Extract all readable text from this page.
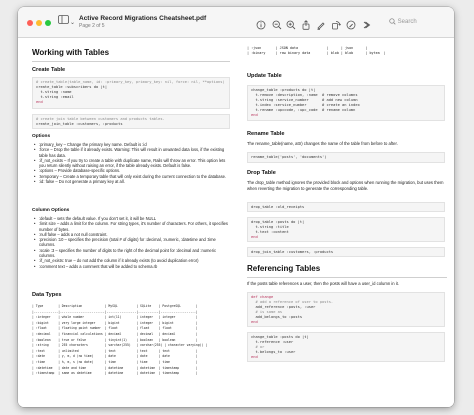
⌄
Active Record Migrations Cheatsheet.pdf
Page 2 of 5
Search
Working with Tables
Create Table
# create_table(table_name, id: :primary_key, primary_key: nil, force: nil, **options)
create_table :subscribers do |t|
t.string :name
t.string :email
end
# create join table between customers and products tables.
create_join_table :customers, :products
Options
• :primary_key – Change the primary key name. Default is :id
• :force – Drop the table if it already exists. Warning: This will result in unwanted data loss, if the existing table has data.
• :if_not_exists – If you try to create a table with duplicate name, Rails will throw an error. This option lets you return silently without raising an error, if the table already exists. Default is false.
• :options – Provide database-specific options.
• :temporary – Create a temporary table that will only exist during the current connection to the database.
• :id: false – Do not generate a primary key at all.
Column Options
• :default – sets the default value. If you don't set it, it will be NULL
• :limit size – adds a limit for the column. For string types, it's number of characters. For others, it specifies number of bytes.
• :null false – adds a not null constraint.
• :precision :10 – specifies the precision (total # of digits) for :decimal, :numeric, :datetime and :time columns.
• :scale :3 – specifies the number of digits to the right of the decimal point for :decimal and :numeric columns.
• :if_not_exists: true – do not add the column if it already exists (to avoid duplication error)
• :comment text – adds a comment that will be added to schema.rb
Data Types
| Type        | Description            | MySQL          | SQLite    | PostgreSQL        |
|-------------|------------------------|----------------|-----------|-------------------|
| :integer    | whole number           | int(11)        | integer   | integer           |
| :bigint     | very large integer     | bigint         | integer   | bigint            |
| :float      | floating point number  | float          | float     | float             |
| :decimal    | financial calculations | decimal        | decimal   | decimal           |
| :boolean    | true or false          | tinyint(1)     | boolean   | boolean           |
| :string     | 255 characters         | varchar(255)   | varchar(255) | character varying() |
| :text       | unlimited              | text           | text      | text              |
| :date       | y, m, d (no time)      | date           | date      | date              |
| :time       | h, m, s (no date)      | time           | time      | time              |
| :datetime   | date and time          | datetime       | datetime  | timestamp         |
| :timestamp  | same as datetime       | datetime       | datetime  | timestamp         |
| :json       | JSON data              |      | json      |
| :binary     | raw binary data        | blob | blob      | bytea  |
Update Table
change_table :products do |t|
t.remove :description, :name  # remove columns
t.string :service_number      # add new column
t.index :service_number       # create an index
t.rename :upccode, :upc_code  # rename column
end
Rename Table
The rename_table(name, attr) changes the name of the table from before to after.
rename_table('posts', 'documents')
Drop Table
The drop_table method ignores the provided block and options when running the migration, but uses them when reverting the migration to generate the corresponding table.
drop_table :old_receipts
drop_table :posts do |t|
t.string :title
t.text :content
end
drop_join_table :customers, :products
Referencing Tables
If the posts table references a user, then the posts will have a user_id column in it.
def change
# add a reference of user to posts.
add_reference :posts, :user
# is same as
add_belongs_to :posts
end
change_table :posts do |t|
t.reference :user
# or
t.belongs_to :user
end
